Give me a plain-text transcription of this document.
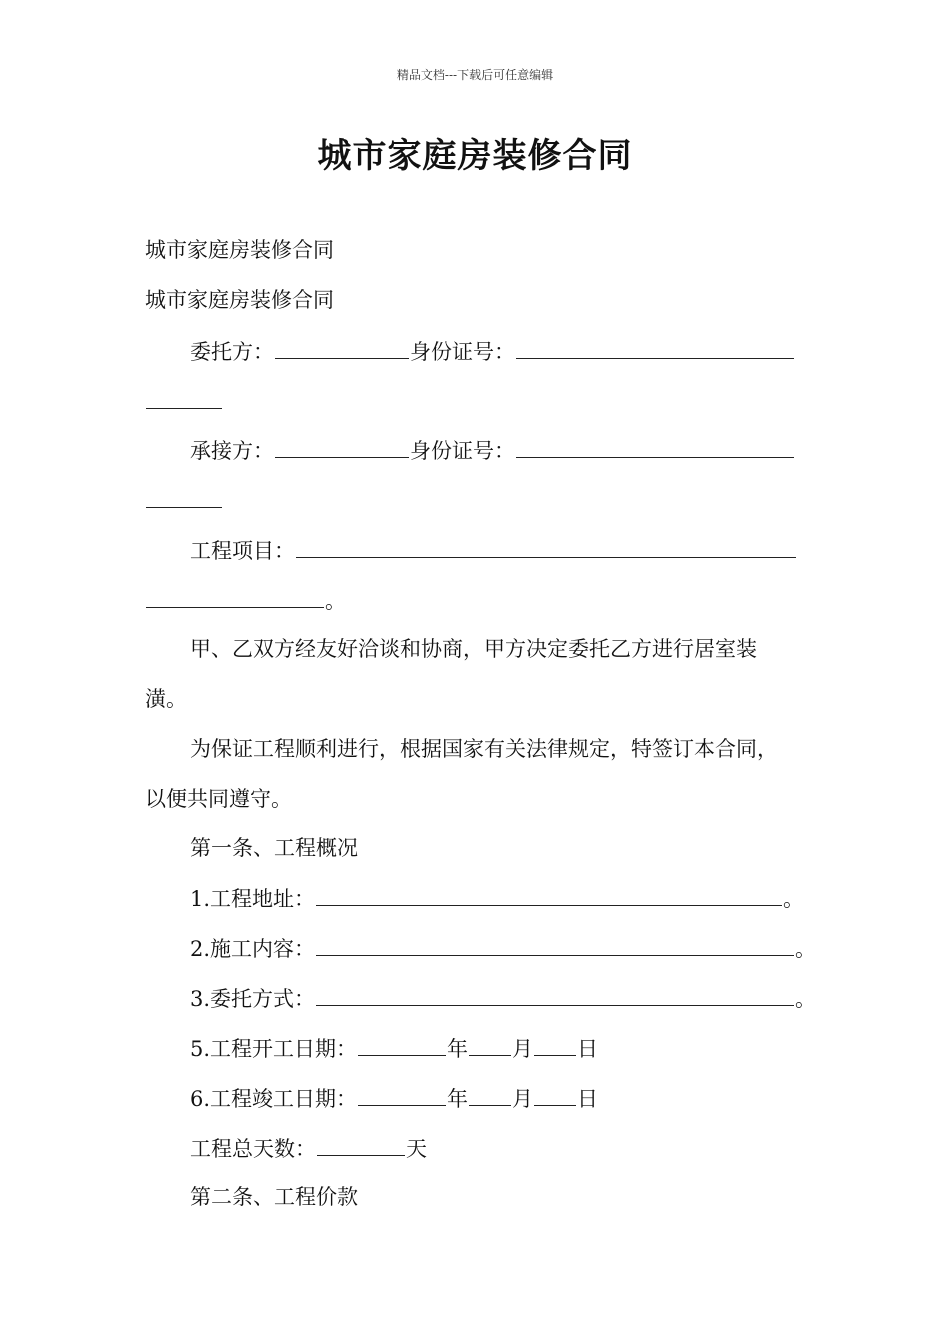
精品文档---下载后可任意编辑
城市家庭房装修合同
城市家庭房装修合同
城市家庭房装修合同
委托方：	身份证号：
承接方：	身份证号：
工程项目：
。
甲、乙双方经友好洽谈和协商，甲方决定委托乙方进行居室装
潢。
为保证工程顺利进行，根据国家有关法律规定，特签订本合同，
以便共同遵守。
第一条、工程概况
1.工程地址：	。
2.施工内容：	。
3.委托方式：	。
5.工程开工日期：	年 月 日
6.工程竣工日期：	年 月 日
工程总天数：	天
第二条、工程价款
